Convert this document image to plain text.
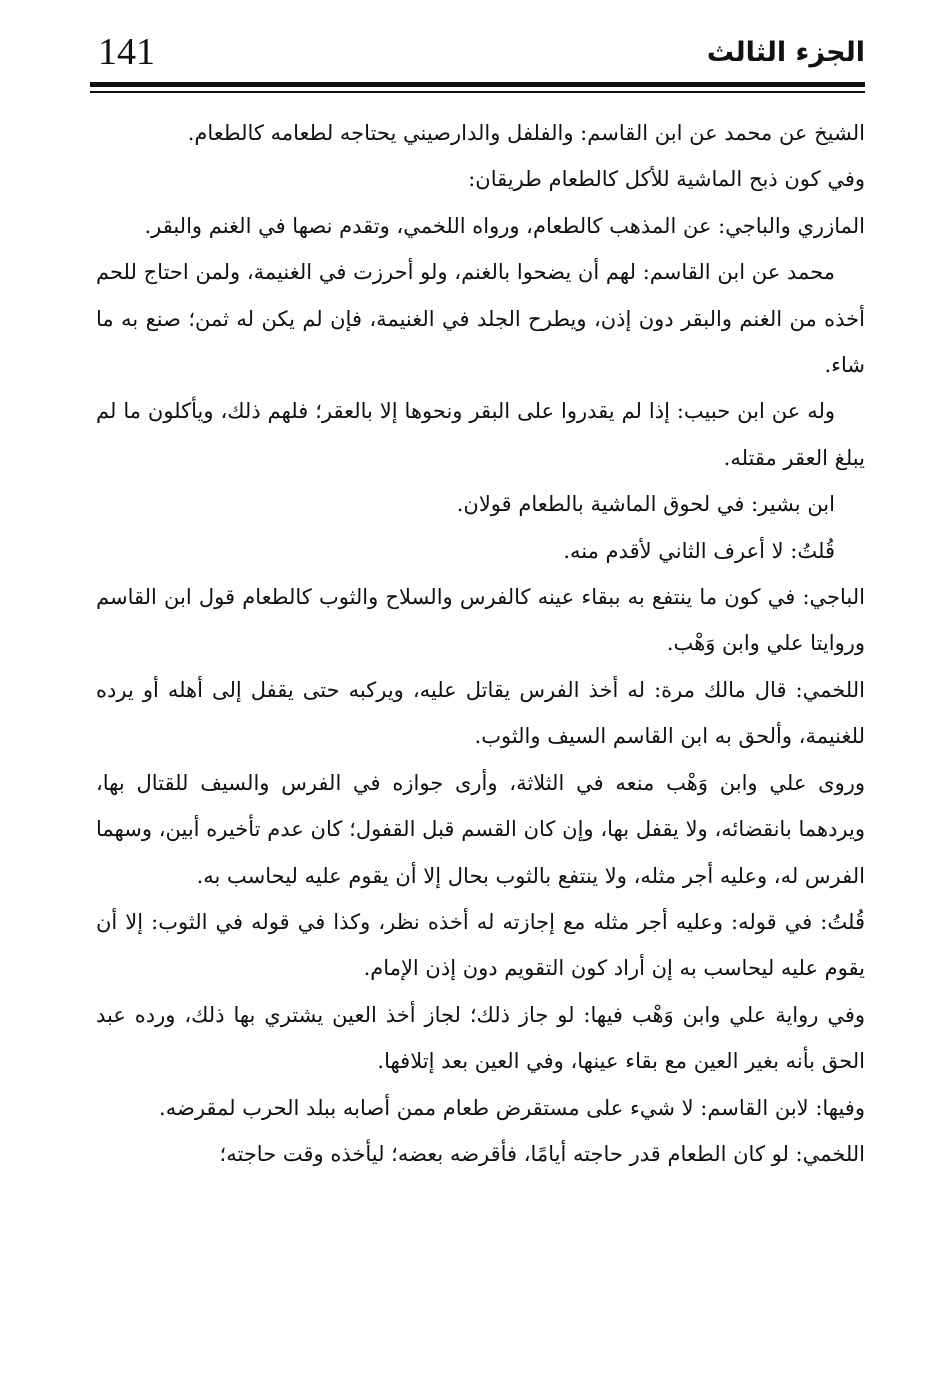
141	الجزء الثالث

الشيخ عن محمد عن ابن القاسم: والفلفل والدارصيني يحتاجه لطعامه كالطعام.

وفي كون ذبح الماشية للأكل كالطعام طريقان:

المازري والباجي: عن المذهب كالطعام، ورواه اللخمي، وتقدم نصها في الغنم والبقر.

محمد عن ابن القاسم: لهم أن يضحوا بالغنم، ولو أحرزت في الغنيمة، ولمن احتاج للحم أخذه من الغنم والبقر دون إذن، ويطرح الجلد في الغنيمة، فإن لم يكن له ثمن؛ صنع به ما شاء.

وله عن ابن حبيب: إذا لم يقدروا على البقر ونحوها إلا بالعقر؛ فلهم ذلك، ويأكلون ما لم يبلغ العقر مقتله.

ابن بشير: في لحوق الماشية بالطعام قولان.

قُلتُ: لا أعرف الثاني لأقدم منه.

الباجي: في كون ما ينتفع به ببقاء عينه كالفرس والسلاح والثوب كالطعام قول ابن القاسم وروايتا علي وابن وَهْب.

اللخمي: قال مالك مرة: له أخذ الفرس يقاتل عليه، ويركبه حتى يقفل إلى أهله أو يرده للغنيمة، وألحق به ابن القاسم السيف والثوب.

وروى علي وابن وَهْب منعه في الثلاثة، وأرى جوازه في الفرس والسيف للقتال بها، ويردهما بانقضائه، ولا يقفل بها، وإن كان القسم قبل القفول؛ كان عدم تأخيره أبين، وسهما الفرس له، وعليه أجر مثله، ولا ينتفع بالثوب بحال إلا أن يقوم عليه ليحاسب به.

قُلتُ: في قوله: وعليه أجر مثله مع إجازته له أخذه نظر، وكذا في قوله في الثوب: إلا أن يقوم عليه ليحاسب به إن أراد كون التقويم دون إذن الإمام.

وفي رواية علي وابن وَهْب فيها: لو جاز ذلك؛ لجاز أخذ العين يشتري بها ذلك، ورده عبد الحق بأنه بغير العين مع بقاء عينها، وفي العين بعد إتلافها.

وفيها: لابن القاسم: لا شيء على مستقرض طعام ممن أصابه ببلد الحرب لمقرضه.

اللخمي: لو كان الطعام قدر حاجته أيامًا، فأقرضه بعضه؛ ليأخذه وقت حاجته؛
